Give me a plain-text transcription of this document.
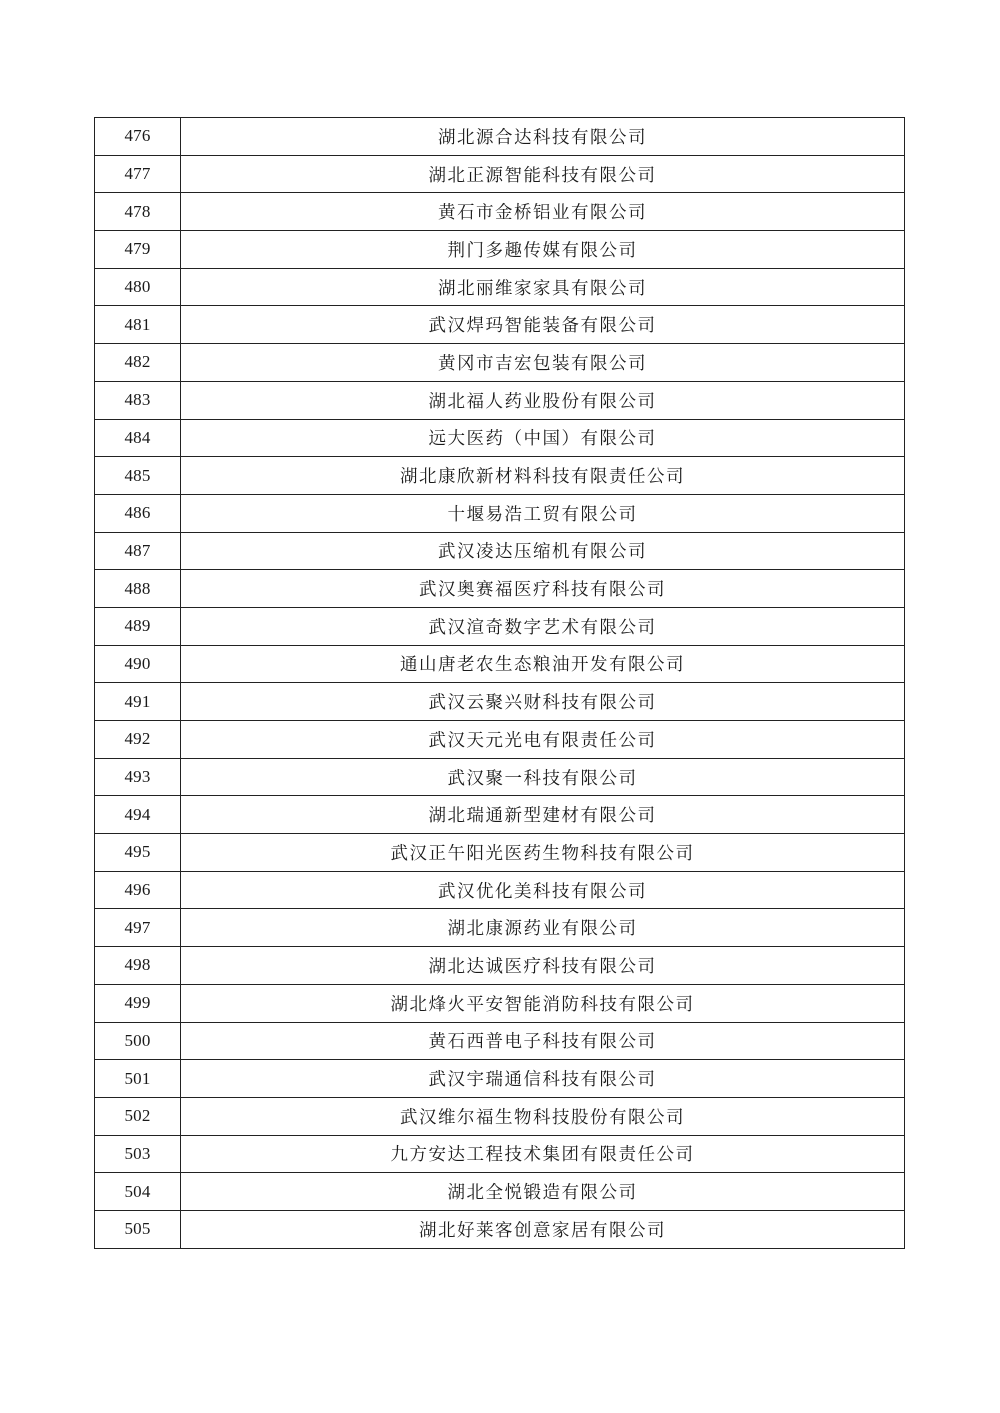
476	湖北源合达科技有限公司
477	湖北正源智能科技有限公司
478	黄石市金桥铝业有限公司
479	荆门多趣传媒有限公司
480	湖北丽维家家具有限公司
481	武汉焊玛智能装备有限公司
482	黄冈市吉宏包装有限公司
483	湖北福人药业股份有限公司
484	远大医药（中国）有限公司
485	湖北康欣新材料科技有限责任公司
486	十堰易浩工贸有限公司
487	武汉凌达压缩机有限公司
488	武汉奥赛福医疗科技有限公司
489	武汉渲奇数字艺术有限公司
490	通山唐老农生态粮油开发有限公司
491	武汉云聚兴财科技有限公司
492	武汉天元光电有限责任公司
493	武汉聚一科技有限公司
494	湖北瑞通新型建材有限公司
495	武汉正午阳光医药生物科技有限公司
496	武汉优化美科技有限公司
497	湖北康源药业有限公司
498	湖北达诚医疗科技有限公司
499	湖北烽火平安智能消防科技有限公司
500	黄石西普电子科技有限公司
501	武汉宇瑞通信科技有限公司
502	武汉维尔福生物科技股份有限公司
503	九方安达工程技术集团有限责任公司
504	湖北全悦锻造有限公司
505	湖北好莱客创意家居有限公司
